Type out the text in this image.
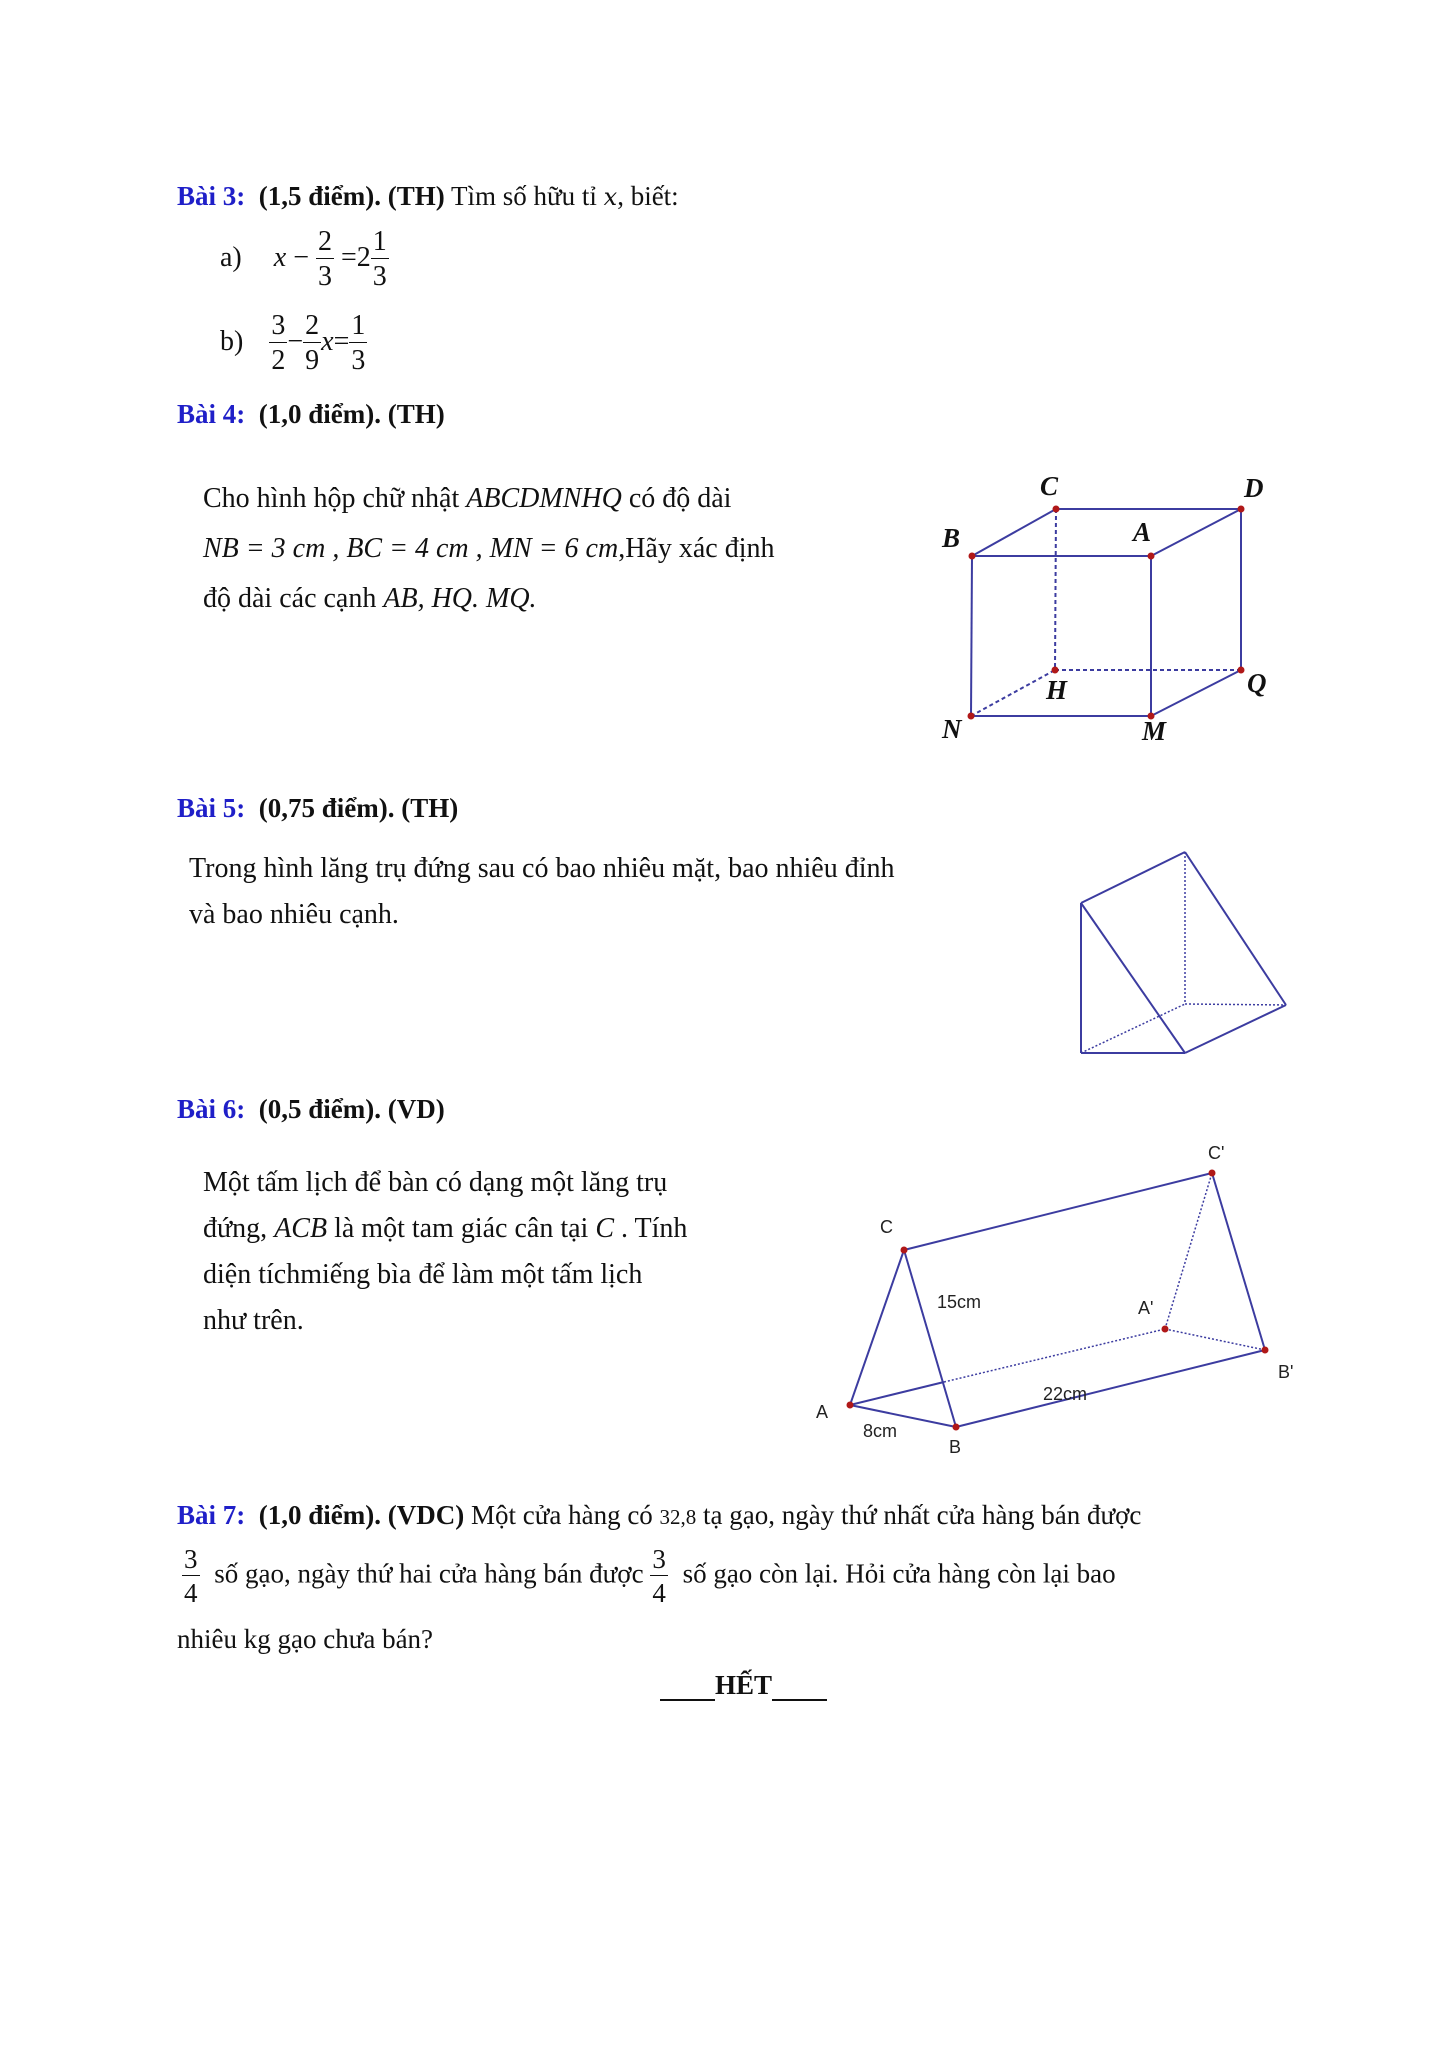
Bài 3: (1,5 điểm). (TH) Tìm số hữu tỉ x, biết:
a) $x - \frac{2}{3} =2 \frac{1}{3}$
$b) \frac{3}{2} - \frac{2}{9} x= \frac{1}{3}$
Bài 4: (1,0 điểm). (TH)
Cho hình hộp chữ nhật ABCDMNHQ có độ dài
NB = 3 cm , BC = 4 cm , MN = 6 cm,Hãy xác định
độ dài các cạnh AB, HQ. MQ.
Bài 5: (0,75 điểm). (TH)
Trong hình lăng trụ đứng sau có bao nhiêu mặt, bao nhiêu đỉnh
và bao nhiêu cạnh.
Bài 6: (0,5 điểm). (VD)
Một tấm lịch để bàn có dạng một lăng trụ
đứng, ACB là một tam giác cân tại C . Tính
diện tíchmiếng bìa để làm một tấm lịch
như trên.
Bài 7: (1,0 điểm). (VDC) Một cửa hàng có 32,8 tạ gạo, ngày thứ nhất cửa hàng bán được
$\frac{3}{4}$ số gạo, ngày thứ hai cửa hàng bán được $\frac{3}{4}$ số gạo còn lại. Hỏi cửa hàng còn lại bao
nhiêu kg gạo chưa bán?
HẾT
C	D
B	A
H	Q
N	M
C
C'
A
B
A'
B'
15cm
8cm
22cm
